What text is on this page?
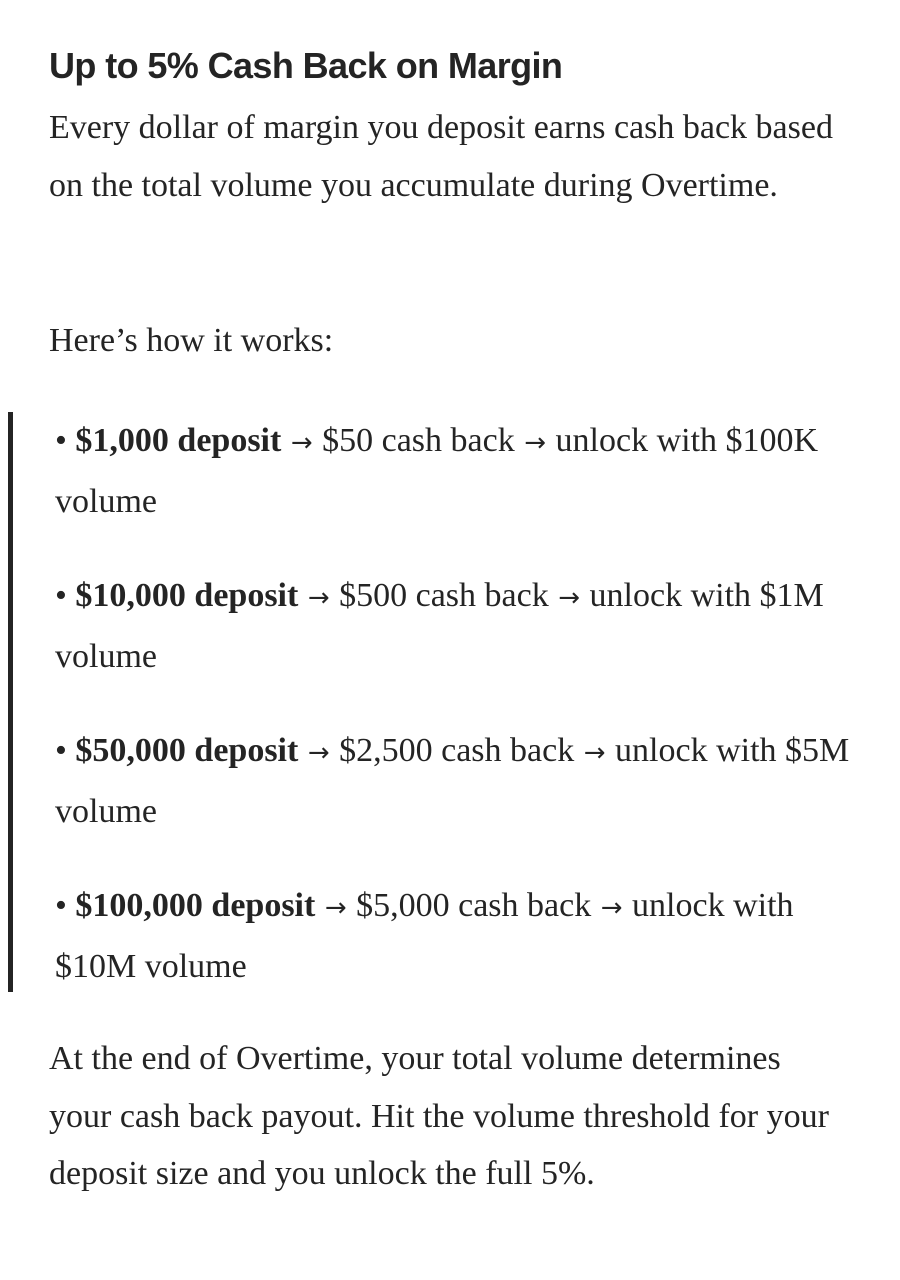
Up to 5% Cash Back on Margin

Every dollar of margin you deposit earns cash back based on the total volume you accumulate during Overtime.

Here’s how it works:

• $1,000 deposit → $50 cash back → unlock with $100K volume

• $10,000 deposit → $500 cash back → unlock with $1M volume

• $50,000 deposit → $2,500 cash back → unlock with $5M volume

• $100,000 deposit → $5,000 cash back → unlock with $10M volume

At the end of Overtime, your total volume determines your cash back payout. Hit the volume threshold for your deposit size and you unlock the full 5%.
